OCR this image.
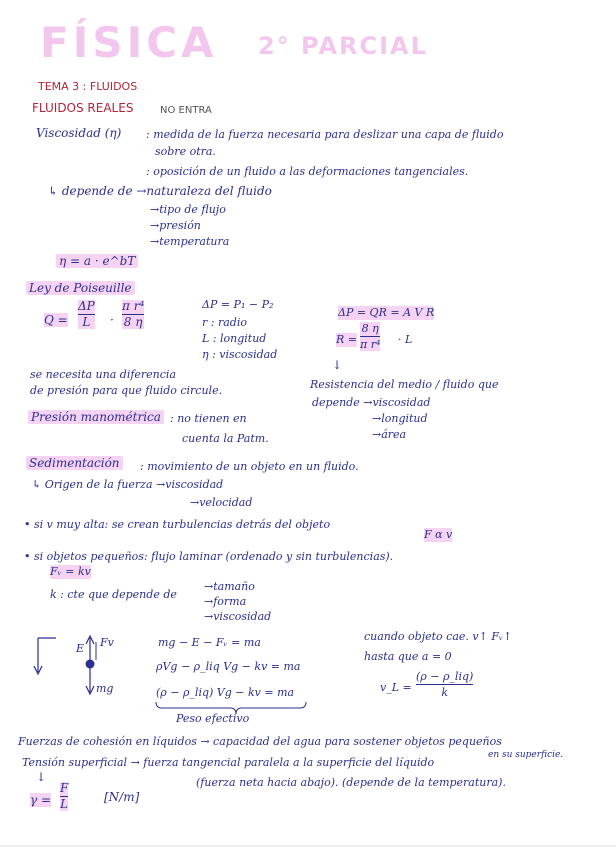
FÍSICA 2° PARCIAL
TEMA 3 : FLUIDOS
FLUIDOS REALES	NO ENTRA
Viscosidad (η) : medida de la fuerza necesaria para deslizar una capa de fluido
sobre otra.
: oposición de un fluido a las deformaciones tangenciales.
↳ depende de →naturaleza del fluido
→tipo de flujo
→presión
→temperatura
η = a · e^bT
Ley de Poiseuille
Q =
ΔP
L ·
π r⁴
8 η
ΔP = P₁ − P₂
r : radio
L : longitud
η : viscosidad
ΔP = QR = A V R
R =
8 η
π r⁴ · L
↓
se necesita una diferencia
de presión para que fluido circule.	Resistencia del medio / fluido que
depende →viscosidad
→longitud
→área
Presión manométrica : no tienen en
cuenta la Patm.
Sedimentación : movimiento de un objeto en un fluido.
↳ Origen de la fuerza →viscosidad
→velocidad
• si v muy alta: se crean turbulencias detrás del objeto
F α v
• si objetos pequeños: flujo laminar (ordenado y sin turbulencias).
Fᵥ = kv
k : cte que depende de
→tamaño
→forma
→viscosidad
E Fv
mg
mg − E − Fᵥ = ma
ρVg − ρ_liq Vg − kv = ma
(ρ − ρ_liq) Vg − kv = ma
Peso efectivo
cuando objeto cae. v↑ Fᵥ↑
hasta que a = 0
v_L =
(ρ − ρ_liq)
k
Fuerzas de cohesión en líquidos → capacidad del agua para sostener objetos pequeños
en su superficie.
Tensión superficial → fuerza tangencial paralela a la superficie del líquido
(fuerza neta hacia abajo). (depende de la temperatura).
↓
γ =
F
L	[N/m]
